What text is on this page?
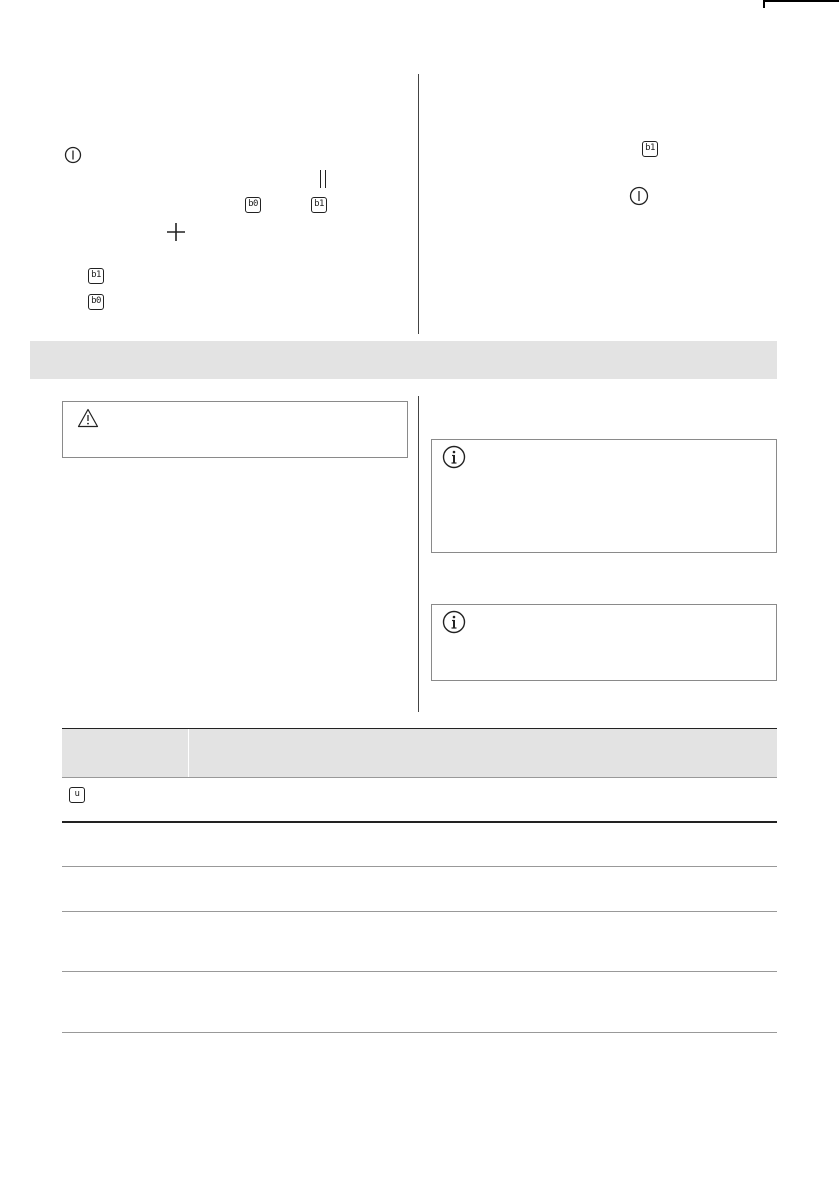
b0	b1
b1
b0
b1
u
